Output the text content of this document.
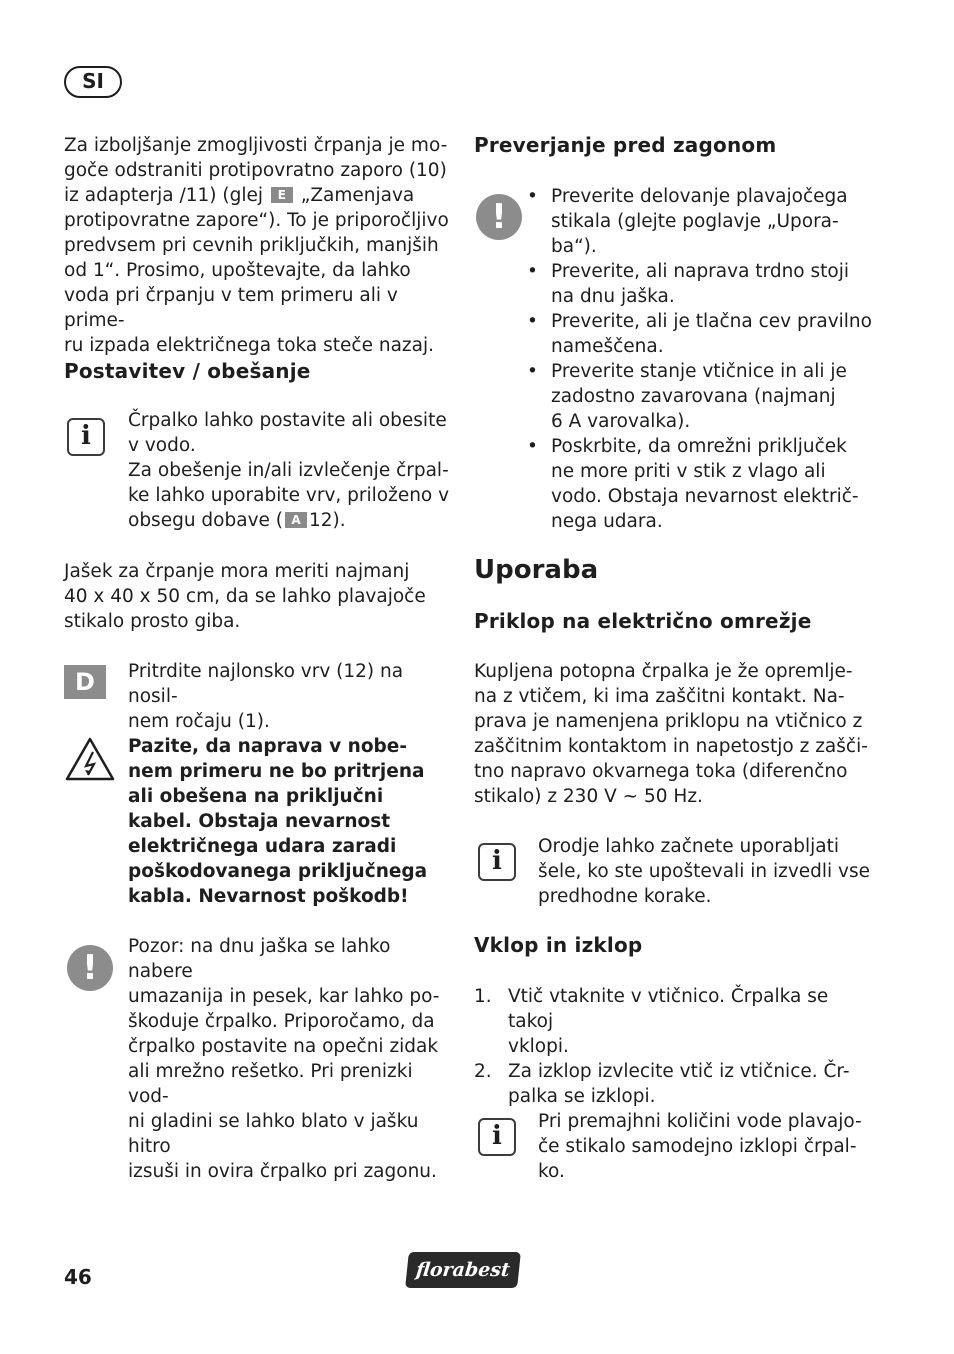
SI

Za izboljšanje zmogljivosti črpanja je mo-

goče odstraniti protipovratno zaporo (10)

iz adapterja /11) (glej E „Zamenjava

protipovratne zapore“). To je priporočljivo

predvsem pri cevnih priključkih, manjših

od 1“. Prosimo, upoštevajte, da lahko

voda pri črpanju v tem primeru ali v prime-

ru izpada električnega toka steče nazaj.

Postavitev / obešanje
i

Črpalko lahko postavite ali obesite

v vodo.

Za obešenje in/ali izvlečenje črpal-

ke lahko uporabite vrv, priloženo v

obsegu dobave ( A 12).

Jašek za črpanje mora meriti najmanj

40 x 40 x 50 cm, da se lahko plavajoče

stikalo prosto giba.

D	Pritrdite najlonsko vrv (12) na nosil-

nem ročaju (1).

Pazite, da naprava v nobe-

nem primeru ne bo pritrjena

ali obešena na priključni

kabel. Obstaja nevarnost

električnega udara zaradi

poškodovanega priključnega

kabla. Nevarnost poškodb!

!

Pozor: na dnu jaška se lahko nabere

umazanija in pesek, kar lahko po-

škoduje črpalko. Priporočamo, da

črpalko postavite na opečni zidak

ali mrežno rešetko. Pri prenizki vod-

ni gladini se lahko blato v jašku hitro

izsuši in ovira črpalko pri zagonu.

Preverjanje pred zagonom
!
• Preverite delovanje plavajočega
stikala (glejte poglavje „Upora-
ba“).
• Preverite, ali naprava trdno stoji
na dnu jaška.
• Preverite, ali je tlačna cev pravilno
nameščena.
• Preverite stanje vtičnice in ali je
zadostno zavarovana (najmanj
6 A varovalka).
• Poskrbite, da omrežni priključek
ne more priti v stik z vlago ali
vodo. Obstaja nevarnost električ-
nega udara.
Uporaba
Priklop na električno omrežje

Kupljena potopna črpalka je že opremlje-

na z vtičem, ki ima zaščitni kontakt. Na-

prava je namenjena priklopu na vtičnico z

zaščitnim kontaktom in napetostjo z zašči-

tno napravo okvarnega toka (diferenčno

stikalo) z 230 V ~ 50 Hz.

i	Orodje lahko začnete uporabljati

šele, ko ste upoštevali in izvedli vse

predhodne korake.

Vklop in izklop
1. Vtič vtaknite v vtičnico. Črpalka se takoj
vklopi.
2. Za izklop izvlecite vtič iz vtičnice. Čr-
palka se izklopi.
i	Pri premajhni količini vode plavajo-

če stikalo samodejno izklopi črpal-

ko.

46	florabest
